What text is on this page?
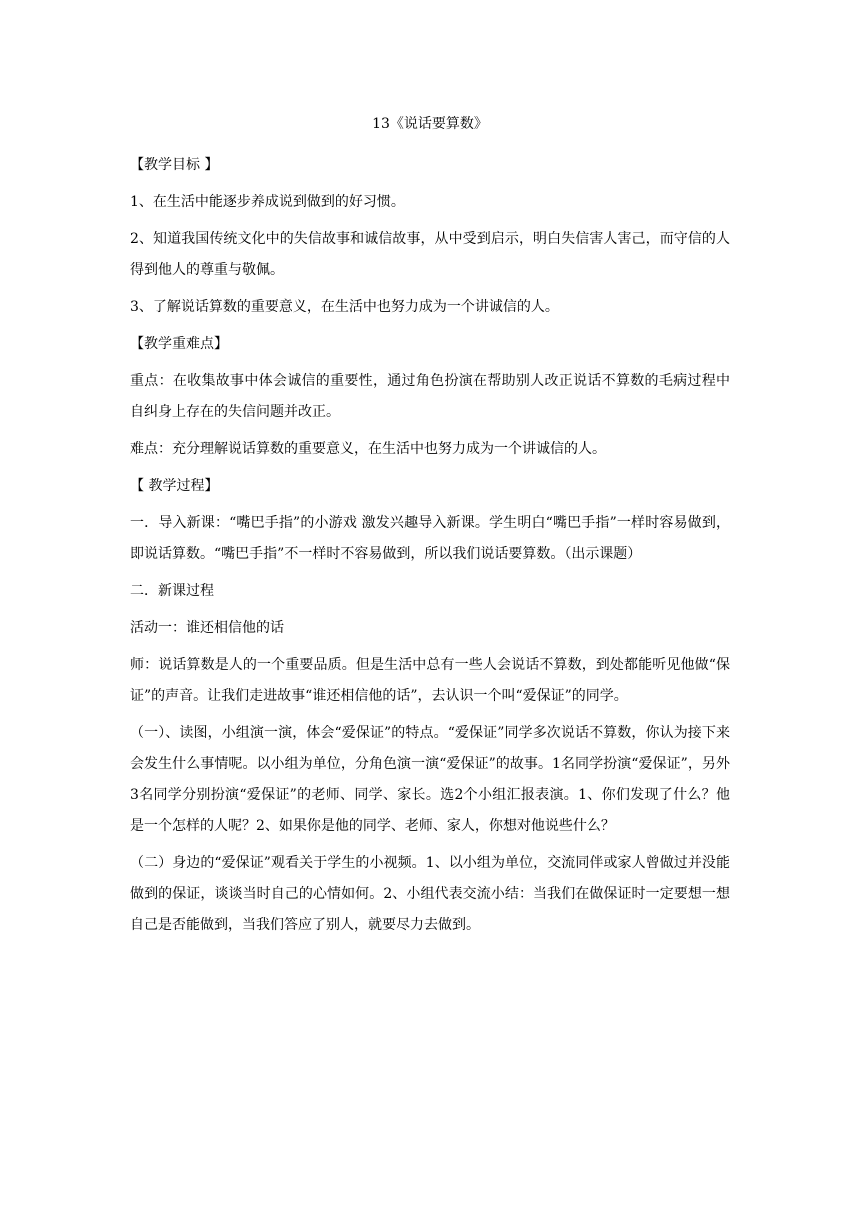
13《说话要算数》

【教学目标 】

1、在生活中能逐步养成说到做到的好习惯。

2、知道我国传统文化中的失信故事和诚信故事，从中受到启示，明白失信害人害己，而守信的人得到他人的尊重与敬佩。

3、了解说话算数的重要意义，在生活中也努力成为一个讲诚信的人。

【教学重难点】

重点：在收集故事中体会诚信的重要性，通过角色扮演在帮助别人改正说话不算数的毛病过程中自纠身上存在的失信问题并改正。

难点：充分理解说话算数的重要意义，在生活中也努力成为一个讲诚信的人。

【 教学过程】

一．导入新课：“嘴巴手指”的小游戏 激发兴趣导入新课。学生明白“嘴巴手指”一样时容易做到，即说话算数。“嘴巴手指”不一样时不容易做到，所以我们说话要算数。（出示课题）

二．新课过程

活动一：谁还相信他的话

师：说话算数是人的一个重要品质。但是生活中总有一些人会说话不算数，到处都能听见他做“保证”的声音。让我们走进故事“谁还相信他的话”，去认识一个叫“爱保证”的同学。

（一）、读图，小组演一演，体会“爱保证”的特点。“爱保证”同学多次说话不算数，你认为接下来会发生什么事情呢。以小组为单位，分角色演一演“爱保证”的故事。1名同学扮演“爱保证”，另外3名同学分别扮演“爱保证”的老师、同学、家长。选2个小组汇报表演。1、你们发现了什么？他是一个怎样的人呢？2、如果你是他的同学、老师、家人，你想对他说些什么？

（二）身边的“爱保证”观看关于学生的小视频。1、以小组为单位，交流同伴或家人曾做过并没能做到的保证，谈谈当时自己的心情如何。2、小组代表交流小结：当我们在做保证时一定要想一想自己是否能做到，当我们答应了别人，就要尽力去做到。
